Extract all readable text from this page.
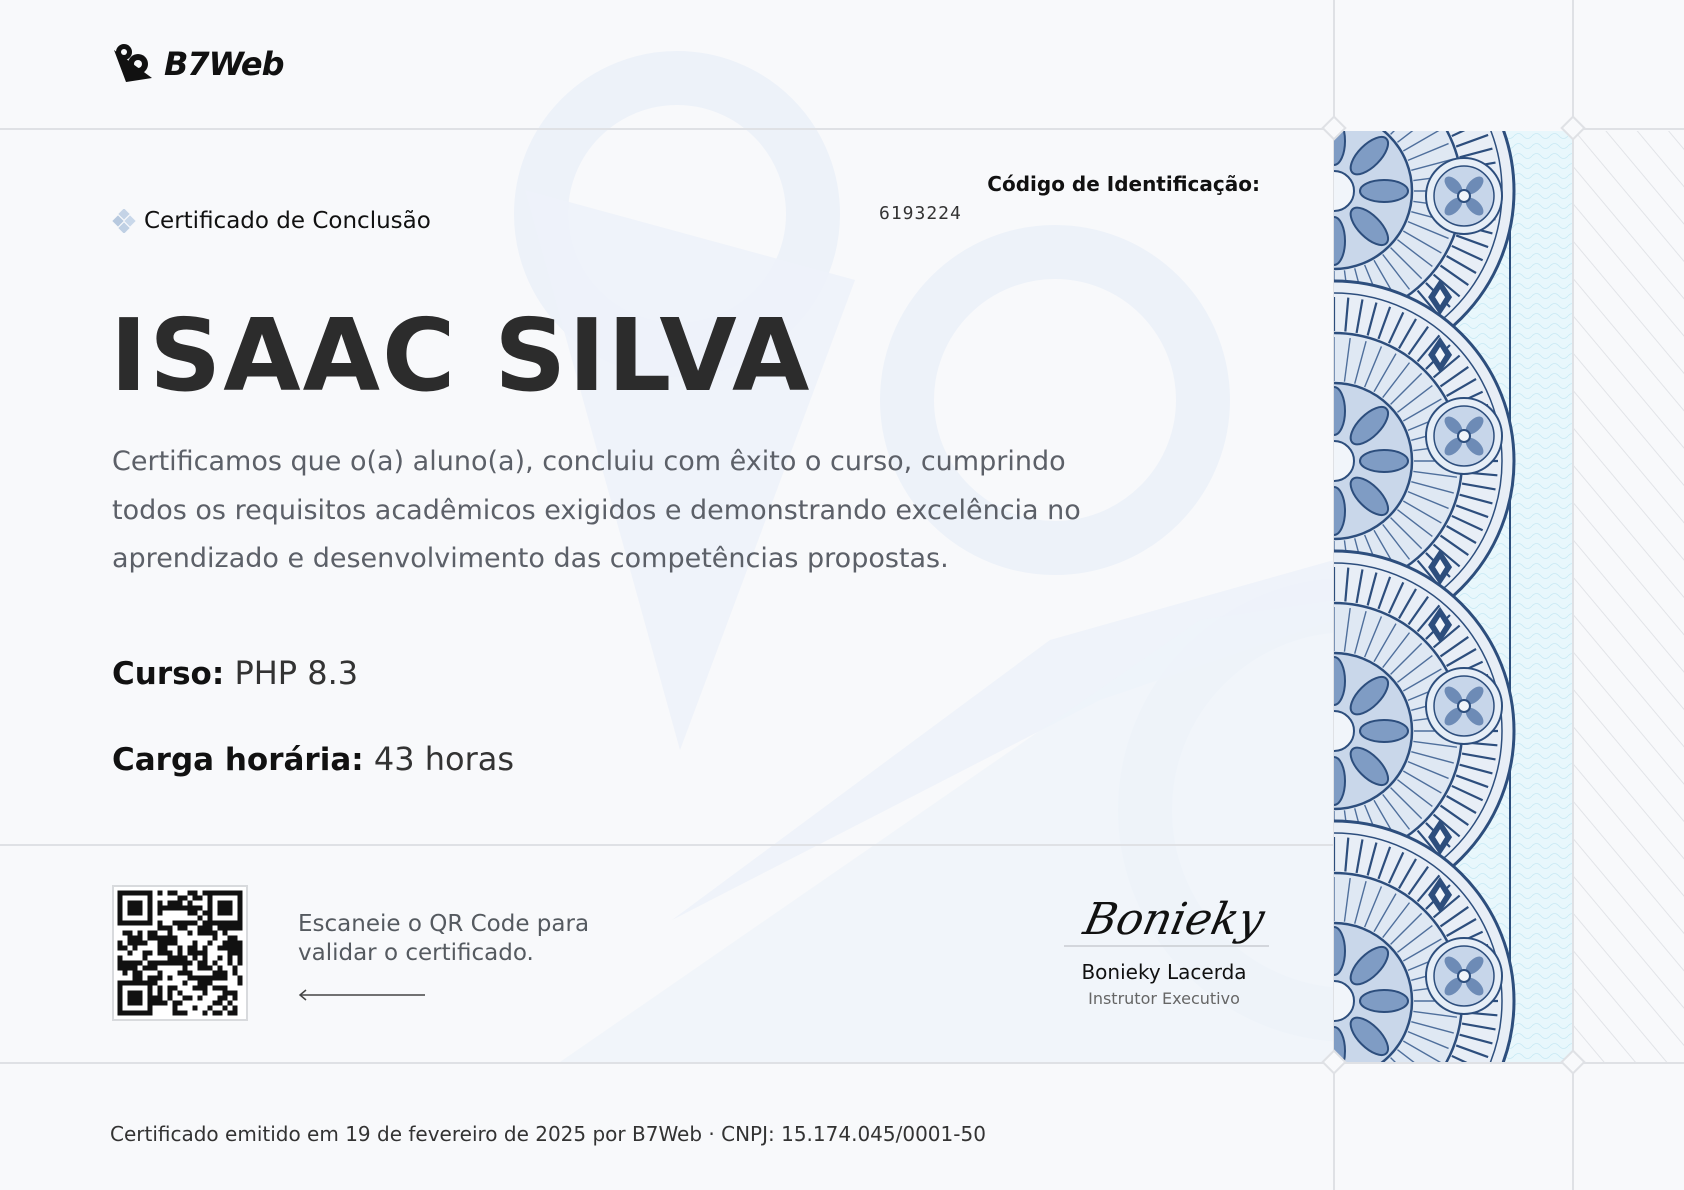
B7Web
Certificado de Conclusão
Código de Identificação:
6193224
ISAAC SILVA
Certificamos que o(a) aluno(a), concluiu com êxito o curso, cumprindo todos os requisitos acadêmicos exigidos e demonstrando excelência no aprendizado e desenvolvimento das competências propostas.
Curso: PHP 8.3
Carga horária: 43 horas
Escaneie o QR Code para validar o certificado.
Bonieky
Bonieky Lacerda
Instrutor Executivo
Certificado emitido em 19 de fevereiro de 2025 por B7Web · CNPJ: 15.174.045/0001-50
